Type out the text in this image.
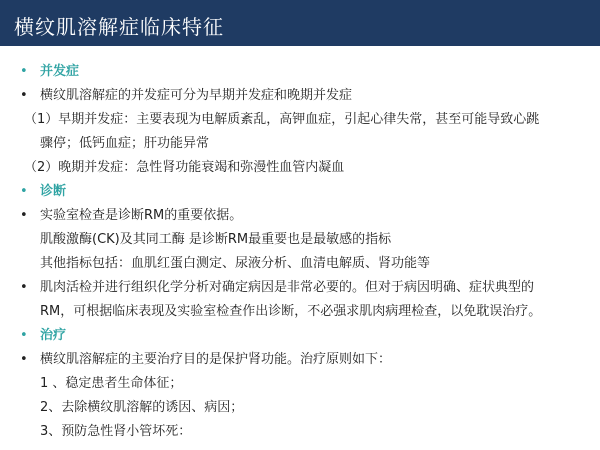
横纹肌溶解症临床特征
• 并发症
• 横纹肌溶解症的并发症可分为早期并发症和晚期并发症
（1）早期并发症：主要表现为电解质紊乱，高钾血症，引起心律失常，甚至可能导致心跳
骤停；低钙血症；肝功能异常
（2）晚期并发症：急性肾功能衰竭和弥漫性血管内凝血
• 诊断
• 实验室检查是诊断RM的重要依据。
肌酸激酶(CK)及其同工酶 是诊断RM最重要也是最敏感的指标
其他指标包括：血肌红蛋白测定、尿液分析、血清电解质、肾功能等
• 肌肉活检并进行组织化学分析对确定病因是非常必要的。但对于病因明确、症状典型的
RM，可根据临床表现及实验室检查作出诊断，不必强求肌肉病理检查，以免耽误治疗。
• 治疗
• 横纹肌溶解症的主要治疗目的是保护肾功能。治疗原则如下：
1 、稳定患者生命体征；
2、去除横纹肌溶解的诱因、病因；
3、预防急性肾小管坏死：
